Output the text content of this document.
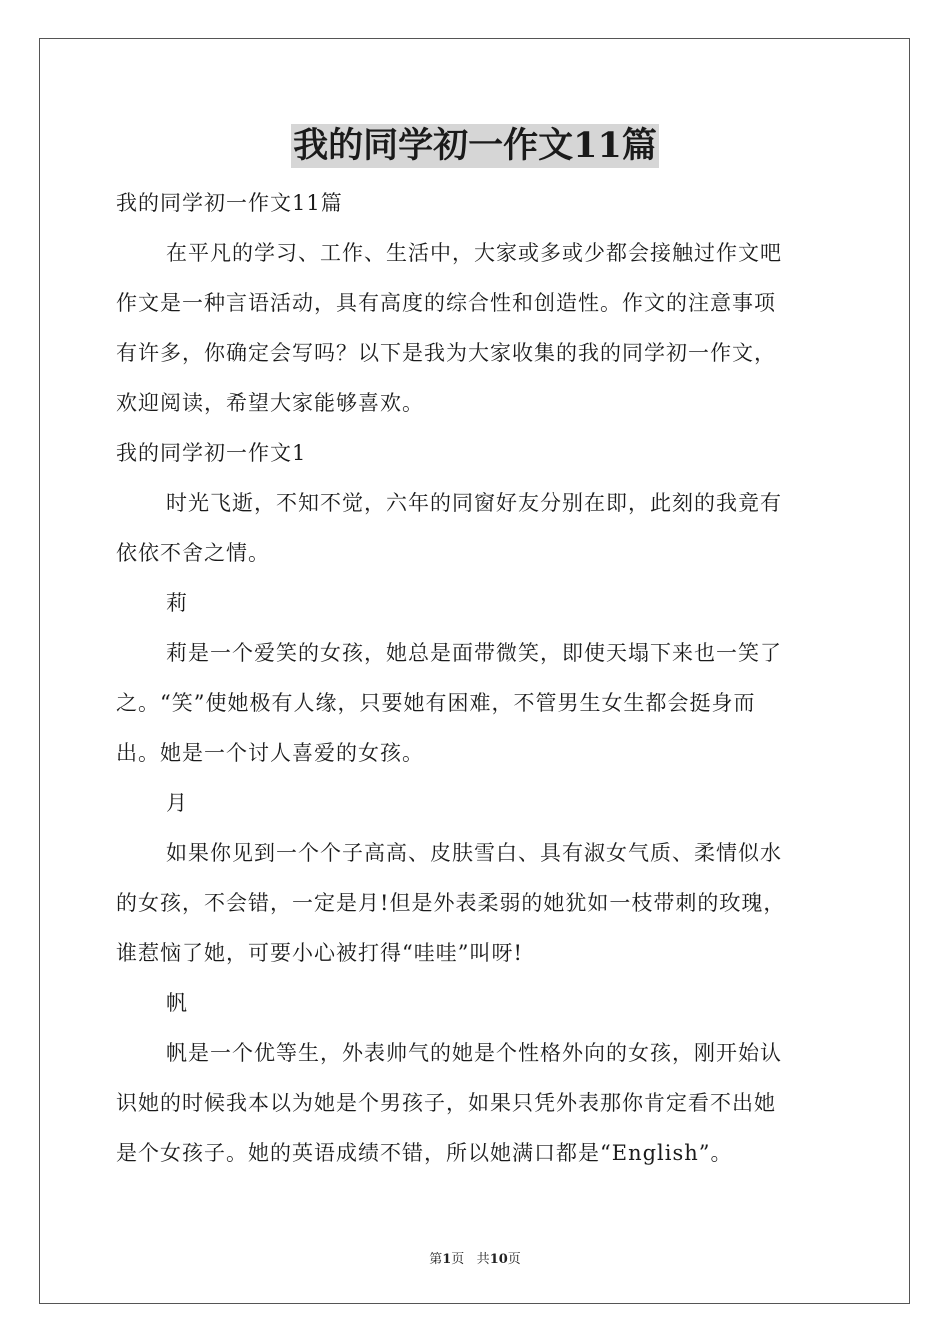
我的同学初一作文11篇
我的同学初一作文11篇
在平凡的学习、工作、生活中，大家或多或少都会接触过作文吧
作文是一种言语活动，具有高度的综合性和创造性。作文的注意事项
有许多，你确定会写吗？以下是我为大家收集的我的同学初一作文，
欢迎阅读，希望大家能够喜欢。
我的同学初一作文1
时光飞逝，不知不觉，六年的同窗好友分别在即，此刻的我竟有
依依不舍之情。
莉
莉是一个爱笑的女孩，她总是面带微笑，即使天塌下来也一笑了
之。“笑”使她极有人缘，只要她有困难，不管男生女生都会挺身而
出。她是一个讨人喜爱的女孩。
月
如果你见到一个个子高高、皮肤雪白、具有淑女气质、柔情似水
的女孩，不会错，一定是月!但是外表柔弱的她犹如一枝带刺的玫瑰，
谁惹恼了她，可要小心被打得“哇哇”叫呀!
帆
帆是一个优等生，外表帅气的她是个性格外向的女孩，刚开始认
识她的时候我本以为她是个男孩子，如果只凭外表那你肯定看不出她
是个女孩子。她的英语成绩不错，所以她满口都是“English”。
第1页 共10页
